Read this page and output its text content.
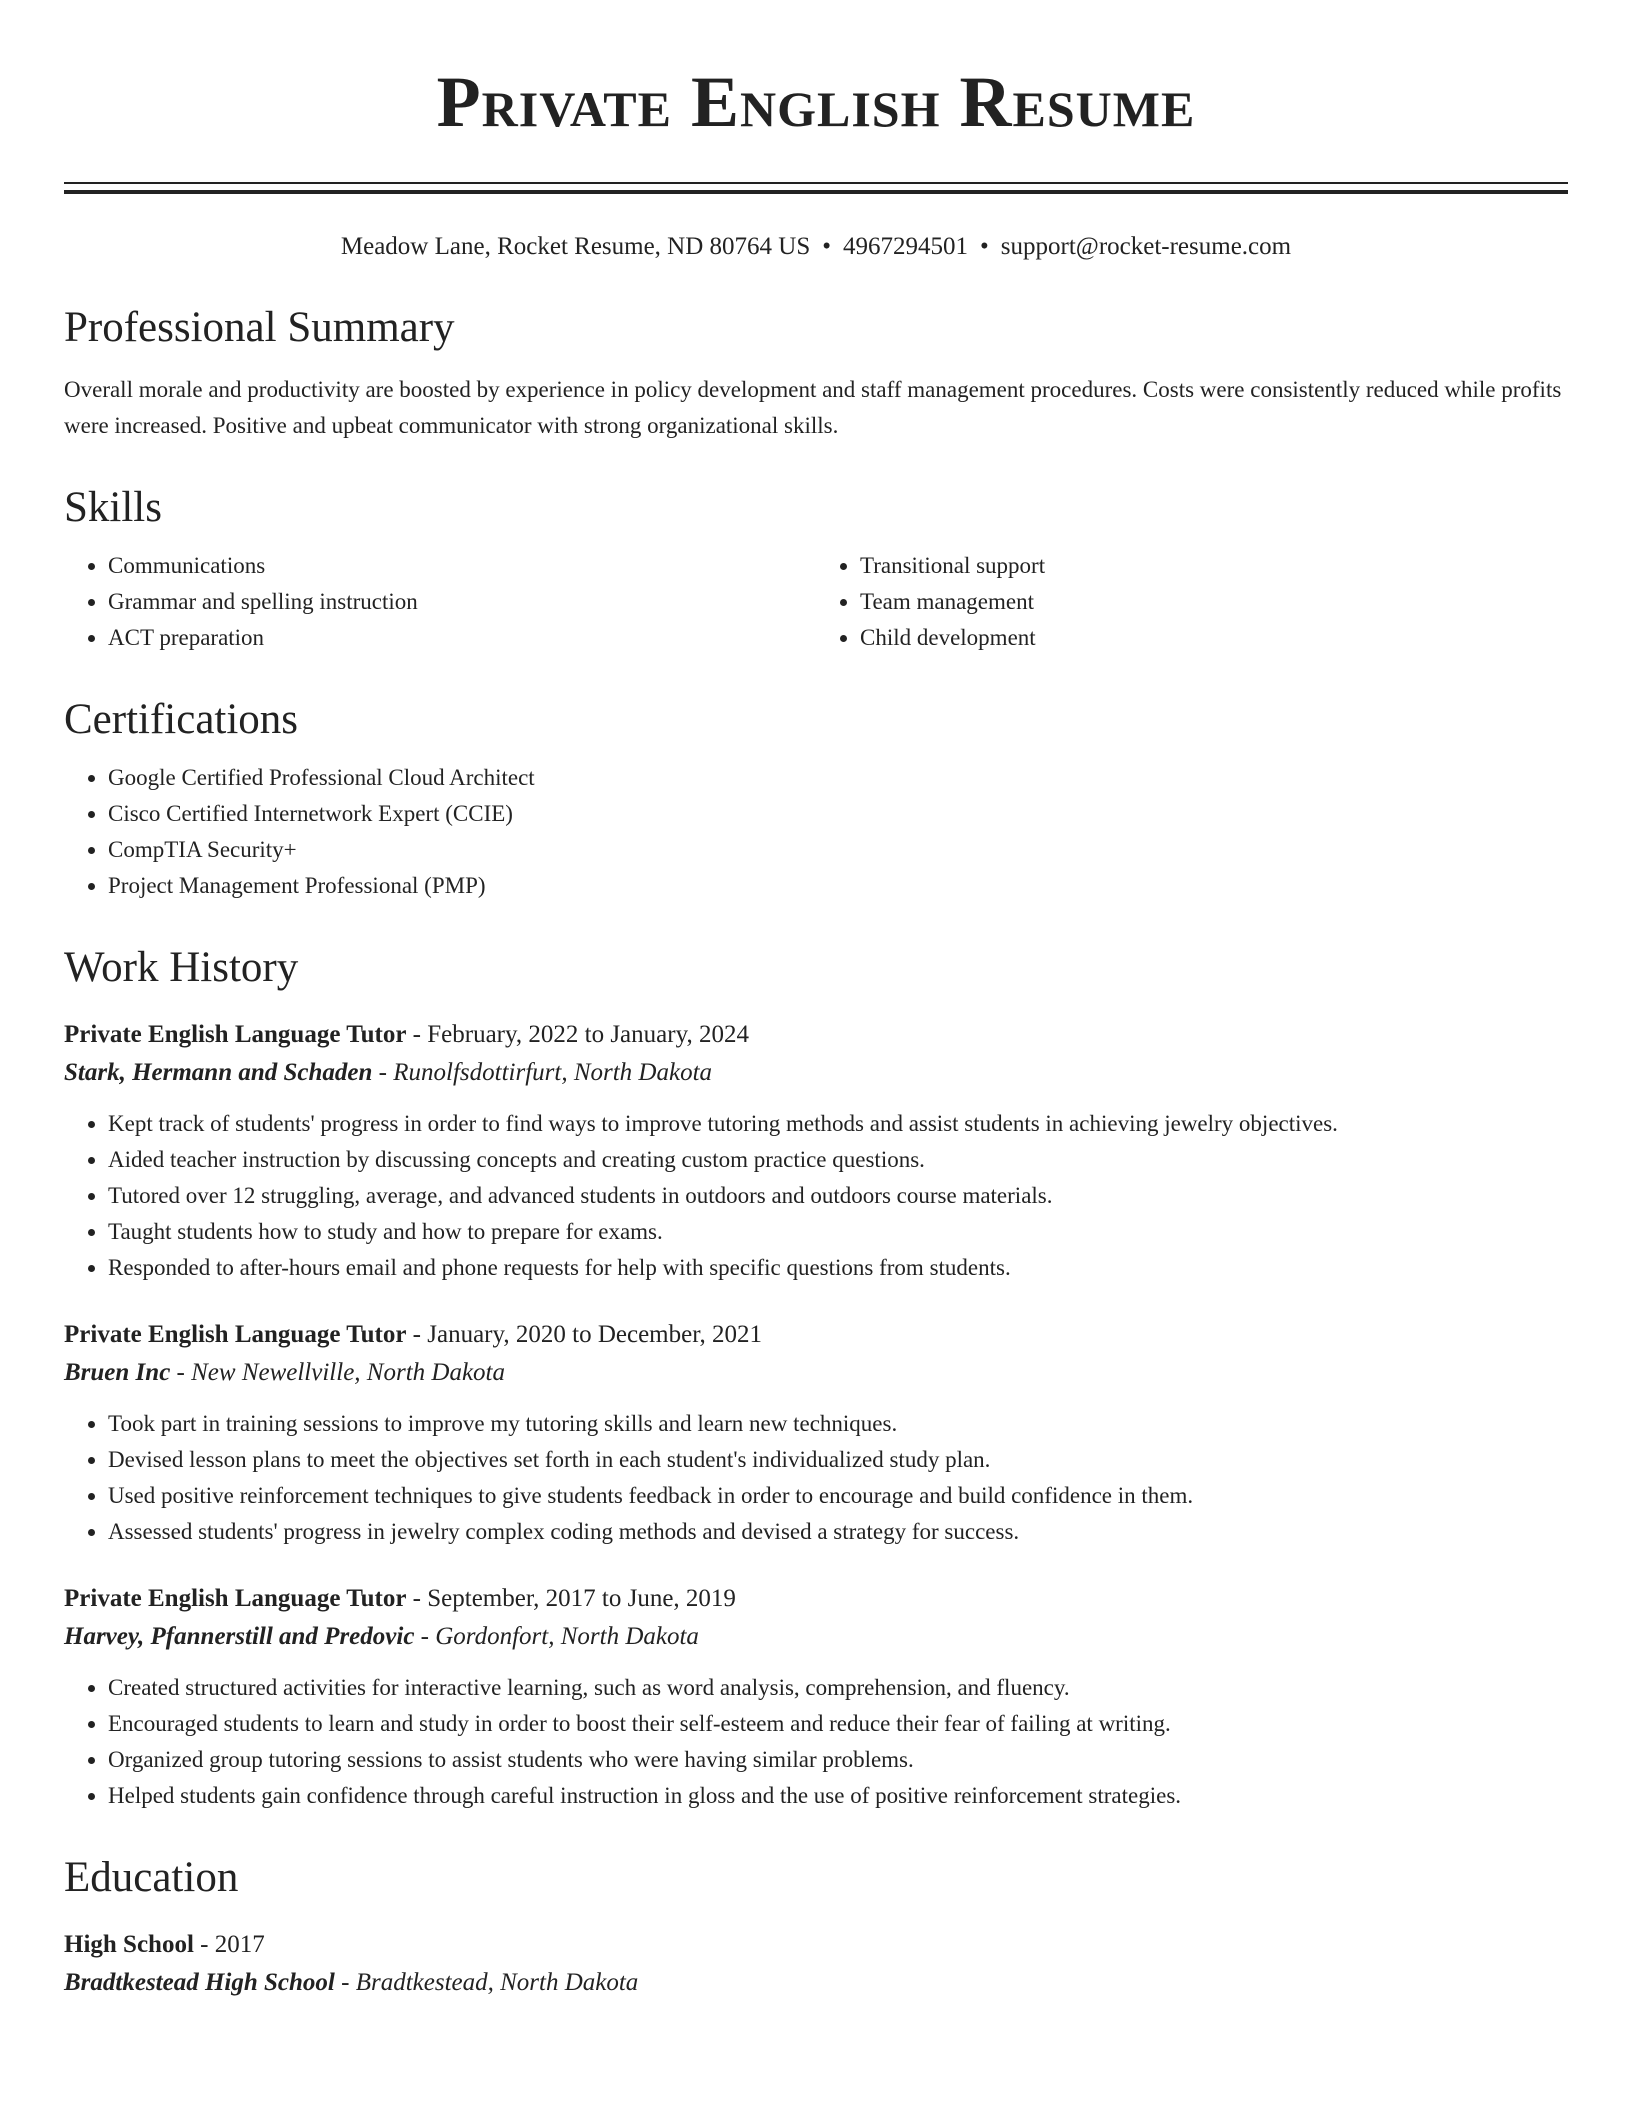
Private English Resume
Meadow Lane, Rocket Resume, ND 80764 US • 4967294501 • support@rocket-resume.com
Professional Summary

Overall morale and productivity are boosted by experience in policy development and staff management procedures. Costs were consistently reduced while profits were increased. Positive and upbeat communicator with strong organizational skills.

Skills
• Communications
• Grammar and spelling instruction
• ACT preparation
• Transitional support
• Team management
• Child development
Certifications
• Google Certified Professional Cloud Architect
• Cisco Certified Internetwork Expert (CCIE)
• CompTIA Security+
• Project Management Professional (PMP)
Work History
Private English Language Tutor - February, 2022 to January, 2024
Stark, Hermann and Schaden - Runolfsdottirfurt, North Dakota
• Kept track of students' progress in order to find ways to improve tutoring methods and assist students in achieving jewelry objectives.
• Aided teacher instruction by discussing concepts and creating custom practice questions.
• Tutored over 12 struggling, average, and advanced students in outdoors and outdoors course materials.
• Taught students how to study and how to prepare for exams.
• Responded to after-hours email and phone requests for help with specific questions from students.
Private English Language Tutor - January, 2020 to December, 2021
Bruen Inc - New Newellville, North Dakota
• Took part in training sessions to improve my tutoring skills and learn new techniques.
• Devised lesson plans to meet the objectives set forth in each student's individualized study plan.
• Used positive reinforcement techniques to give students feedback in order to encourage and build confidence in them.
• Assessed students' progress in jewelry complex coding methods and devised a strategy for success.
Private English Language Tutor - September, 2017 to June, 2019
Harvey, Pfannerstill and Predovic - Gordonfort, North Dakota
• Created structured activities for interactive learning, such as word analysis, comprehension, and fluency.
• Encouraged students to learn and study in order to boost their self-esteem and reduce their fear of failing at writing.
• Organized group tutoring sessions to assist students who were having similar problems.
• Helped students gain confidence through careful instruction in gloss and the use of positive reinforcement strategies.
Education
High School - 2017
Bradtkestead High School - Bradtkestead, North Dakota
